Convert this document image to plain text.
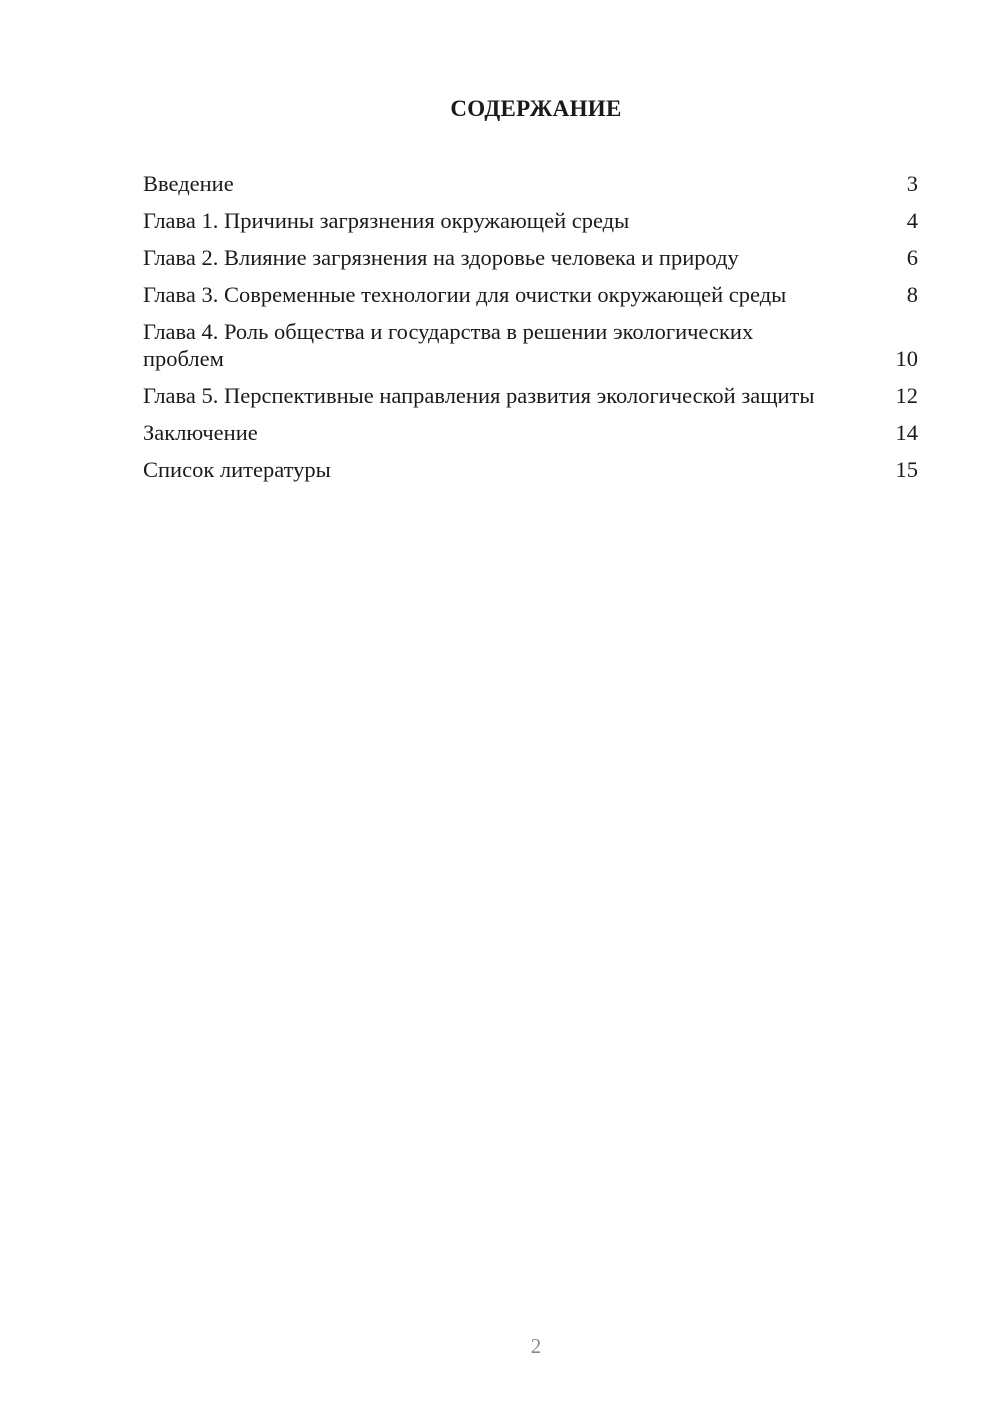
СОДЕРЖАНИЕ
Введение	3
Глава 1. Причины загрязнения окружающей среды	4
Глава 2. Влияние загрязнения на здоровье человека и природу	6
Глава 3. Современные технологии для очистки окружающей среды	8
Глава 4. Роль общества и государства в решении экологических проблем	10
Глава 5. Перспективные направления развития экологической защиты	12
Заключение	14
Список литературы	15
2
